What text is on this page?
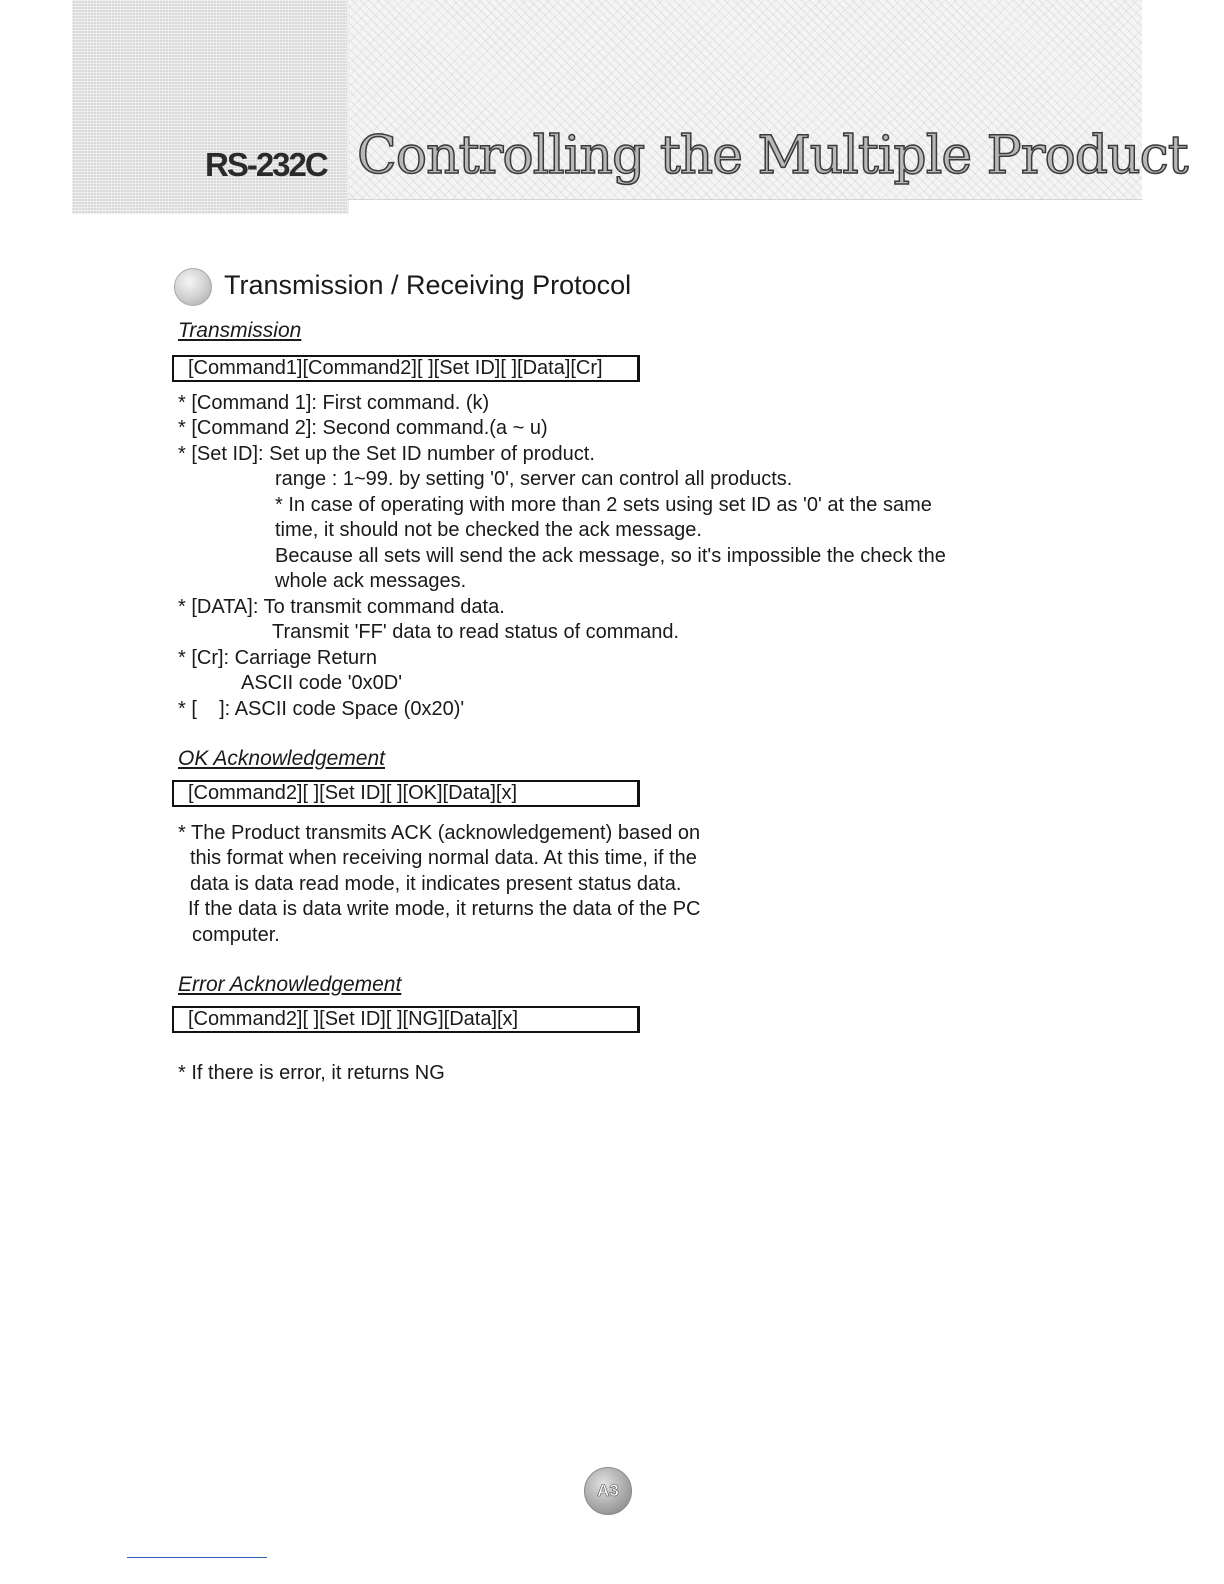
RS-232C Controlling the Multiple Product
Transmission / Receiving Protocol
Transmission
[Command1][Command2][ ][Set ID][ ][Data][Cr]
* [Command 1]: First command. (k)
* [Command 2]: Second command.(a ~ u)
* [Set ID]: Set up the Set ID number of product.
range : 1~99. by setting '0', server can control all products.
* In case of operating with more than 2 sets using set ID as '0' at the same
time, it should not be checked the ack message.
Because all sets will send the ack message, so it's impossible the check the
whole ack messages.
* [DATA]: To transmit command data.
Transmit 'FF' data to read status of command.
* [Cr]: Carriage Return
ASCII code '0x0D'
* [    ]: ASCII code Space (0x20)'
OK Acknowledgement
[Command2][ ][Set ID][ ][OK][Data][x]
* The Product transmits ACK (acknowledgement) based on
this format when receiving normal data. At this time, if the
data is data read mode, it indicates present status data.
If the data is data write mode, it returns the data of the PC
computer.
Error Acknowledgement
[Command2][ ][Set ID][ ][NG][Data][x]
* If there is error, it returns NG
A3
